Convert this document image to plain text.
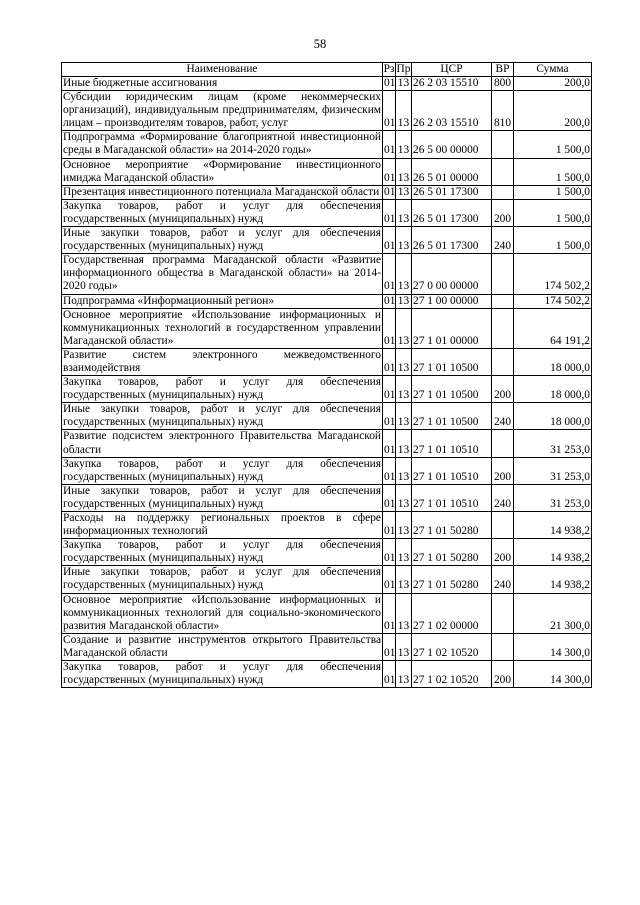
58
Наименование	Рз	Пр	ЦСР	ВР	Сумма
Иные бюджетные ассигнования	01	13	26 2 03 15510	800	200,0
Субсидии юридическим лицам (кроме некоммерческих организаций), индивидуальным предпринимателям, физическим лицам – производителям товаров, работ, услуг	01	13	26 2 03 15510	810	200,0
Подпрограмма «Формирование благоприятной инвестиционной среды в Магаданской области» на 2014-2020 годы»	01	13	26 5 00 00000		1 500,0
Основное мероприятие «Формирование инвестиционного имиджа Магаданской области»	01	13	26 5 01 00000		1 500,0
Презентация инвестиционного потенциала Магаданской области	01	13	26 5 01 17300		1 500,0
Закупка товаров, работ и услуг для обеспечения государственных (муниципальных) нужд	01	13	26 5 01 17300	200	1 500,0
Иные закупки товаров, работ и услуг для обеспечения государственных (муниципальных) нужд	01	13	26 5 01 17300	240	1 500,0
Государственная программа Магаданской области «Развитие информационного общества в Магаданской области» на 2014-2020 годы»	01	13	27 0 00 00000		174 502,2
Подпрограмма «Информационный регион»	01	13	27 1 00 00000		174 502,2
Основное мероприятие «Использование информационных и коммуникационных технологий в государственном управлении Магаданской области»	01	13	27 1 01 00000		64 191,2
Развитие систем электронного межведомственного взаимодействия	01	13	27 1 01 10500		18 000,0
Закупка товаров, работ и услуг для обеспечения государственных (муниципальных) нужд	01	13	27 1 01 10500	200	18 000,0
Иные закупки товаров, работ и услуг для обеспечения государственных (муниципальных) нужд	01	13	27 1 01 10500	240	18 000,0
Развитие подсистем электронного Правительства Магаданской области	01	13	27 1 01 10510		31 253,0
Закупка товаров, работ и услуг для обеспечения государственных (муниципальных) нужд	01	13	27 1 01 10510	200	31 253,0
Иные закупки товаров, работ и услуг для обеспечения государственных (муниципальных) нужд	01	13	27 1 01 10510	240	31 253,0
Расходы на поддержку региональных проектов в сфере информационных технологий	01	13	27 1 01 50280		14 938,2
Закупка товаров, работ и услуг для обеспечения государственных (муниципальных) нужд	01	13	27 1 01 50280	200	14 938,2
Иные закупки товаров, работ и услуг для обеспечения государственных (муниципальных) нужд	01	13	27 1 01 50280	240	14 938,2
Основное мероприятие «Использование информационных и коммуникационных технологий для социально-экономического развития Магаданской области»	01	13	27 1 02 00000		21 300,0
Создание и развитие инструментов открытого Правительства Магаданской области	01	13	27 1 02 10520		14 300,0
Закупка товаров, работ и услуг для обеспечения государственных (муниципальных) нужд	01	13	27 1 02 10520	200	14 300,0
